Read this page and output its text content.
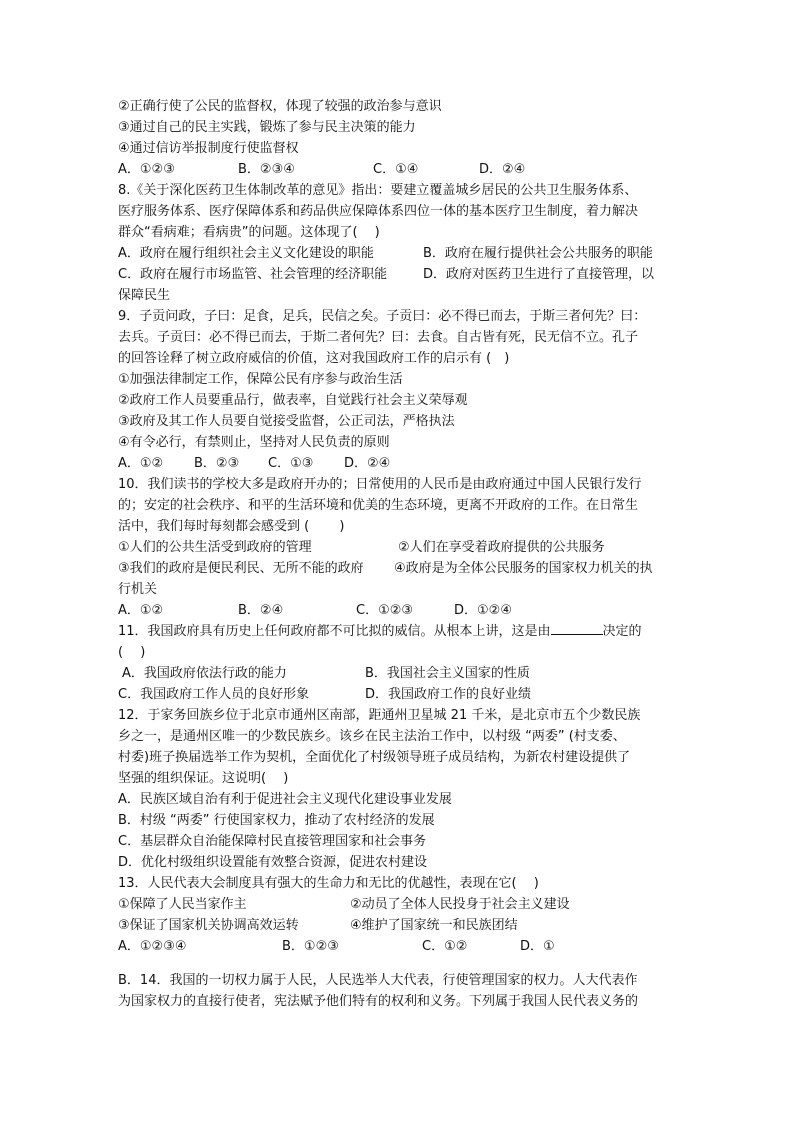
②正确行使了公民的监督权，体现了较强的政治参与意识
③通过自己的民主实践，锻炼了参与民主决策的能力
④通过信访举报制度行使监督权
A．①②③	B．②③④	C．①④	D．②④
8.《关于深化医药卫生体制改革的意见》指出：要建立覆盖城乡居民的公共卫生服务体系、
医疗服务体系、医疗保障体系和药品供应保障体系四位一体的基本医疗卫生制度，着力解决
群众“看病难；看病贵”的问题。这体现了(　 )
A．政府在履行组织社会主义文化建设的职能	B．政府在履行提供社会公共服务的职能
C．政府在履行市场监管、社会管理的经济职能	D．政府对医药卫生进行了直接管理，以
保障民生
9．子贡问政，子曰：足食，足兵，民信之矣。子贡曰：必不得已而去，于斯三者何先？曰：
去兵。子贡曰：必不得已而去，于斯二者何先？曰：去食。自古皆有死，民无信不立。孔子
的回答诠释了树立政府威信的价值，这对我国政府工作的启示有 (　)
①加强法律制定工作，保障公民有序参与政治生活
②政府工作人员要重品行，做表率，自觉践行社会主义荣辱观
③政府及其工作人员要自觉接受监督，公正司法，严格执法
④有令必行，有禁则止，坚持对人民负责的原则
A．①② B．②③ C．①③ D．②④
10．我们读书的学校大多是政府开办的；日常使用的人民币是由政府通过中国人民银行发行
的；安定的社会秩序、和平的生活环境和优美的生态环境，更离不开政府的工作。在日常生
活中，我们每时每刻都会感受到 (　 　)
①人们的公共生活受到政府的管理	②人们在享受着政府提供的公共服务
③我们的政府是便民利民、无所不能的政府 ④政府是为全体公民服务的国家权力机关的执
行机关
A．①②	B．②④	C．①②③	D．①②④
11．我国政府具有历史上任何政府都不可比拟的威信。从根本上讲，这是由	决定的
(　 )
A．我国政府依法行政的能力	B．我国社会主义国家的性质
C．我国政府工作人员的良好形象	D．我国政府工作的良好业绩
12．于家务回族乡位于北京市通州区南部，距通州卫星城 21 千米，是北京市五个少数民族
乡之一，是通州区唯一的少数民族乡。该乡在民主法治工作中，以村级 “两委” (村支委、
村委)班子换届选举工作为契机，全面优化了村级领导班子成员结构，为新农村建设提供了
坚强的组织保证。这说明(　 )
A．民族区域自治有利于促进社会主义现代化建设事业发展
B．村级 “两委” 行使国家权力，推动了农村经济的发展
C．基层群众自治能保障村民直接管理国家和社会事务
D．优化村级组织设置能有效整合资源，促进农村建设
13．人民代表大会制度具有强大的生命力和无比的优越性，表现在它(　 )
①保障了人民当家作主	②动员了全体人民投身于社会主义建设
③保证了国家机关协调高效运转	④维护了国家统一和民族团结
A．①②③④	B．①②③	C．①②	D．①
B．14．我国的一切权力属于人民，人民选举人大代表，行使管理国家的权力。人大代表作
为国家权力的直接行使者，宪法赋予他们特有的权利和义务。下列属于我国人民代表义务的
